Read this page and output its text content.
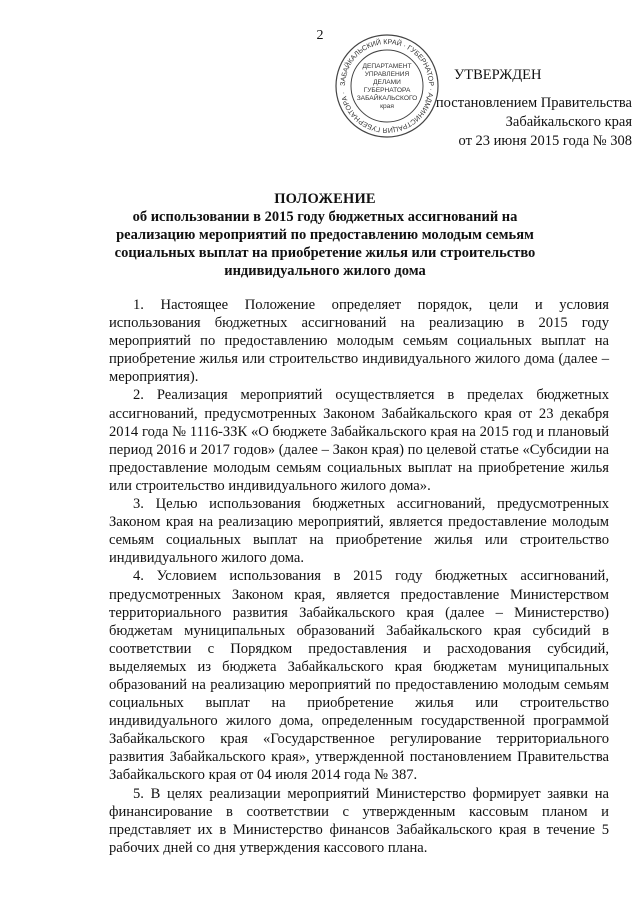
2
ЗАБАЙКАЛЬСКИЙ КРАЙ · ГУБЕРНАТОР · АДМИНИСТРАЦИЯ ГУБЕРНАТОРА ·
ДЕПАРТАМЕНТ
УПРАВЛЕНИЯ
ДЕЛАМИ
ГУБЕРНАТОРА
ЗАБАЙКАЛЬСКОГО
края
УТВЕРЖДЕН
постановлением Правительства
Забайкальского края
от 23 июня 2015 года № 308
ПОЛОЖЕНИЕ
об использовании в 2015 году бюджетных ассигнований на реализацию мероприятий по предоставлению молодым семьям социальных выплат на приобретение жилья или строительство индивидуального жилого дома

1. Настоящее Положение определяет порядок, цели и условия использования бюджетных ассигнований на реализацию в 2015 году мероприятий по предоставлению молодым семьям социальных выплат на приобретение жилья или строительство индивидуального жилого дома (далее – мероприятия).

2. Реализация мероприятий осуществляется в пределах бюджетных ассигнований, предусмотренных Законом Забайкальского края от 23 декабря 2014 года № 1116-ЗЗК «О бюджете Забайкальского края на 2015 год и плановый период 2016 и 2017 годов» (далее – Закон края) по целевой статье «Субсидии на предоставление молодым семьям социальных выплат на приобретение жилья или строительство индивидуального жилого дома».

3. Целью использования бюджетных ассигнований, предусмотренных Законом края на реализацию мероприятий, является предоставление молодым семьям социальных выплат на приобретение жилья или строительство индивидуального жилого дома.

4. Условием использования в 2015 году бюджетных ассигнований, предусмотренных Законом края, является предоставление Министерством территориального развития Забайкальского края (далее – Министерство) бюджетам муниципальных образований Забайкальского края субсидий в соответствии с Порядком предоставления и расходования субсидий, выделяемых из бюджета Забайкальского края бюджетам муниципальных образований на реализацию мероприятий по предоставлению молодым семьям социальных выплат на приобретение жилья или строительство индивидуального жилого дома, определенным государственной программой Забайкальского края «Государственное регулирование территориального развития Забайкальского края», утвержденной постановлением Правительства Забайкальского края от 04 июля 2014 года № 387.

5. В целях реализации мероприятий Министерство формирует заявки на финансирование в соответствии с утвержденным кассовым планом и представляет их в Министерство финансов Забайкальского края в течение 5 рабочих дней со дня утверждения кассового плана.
